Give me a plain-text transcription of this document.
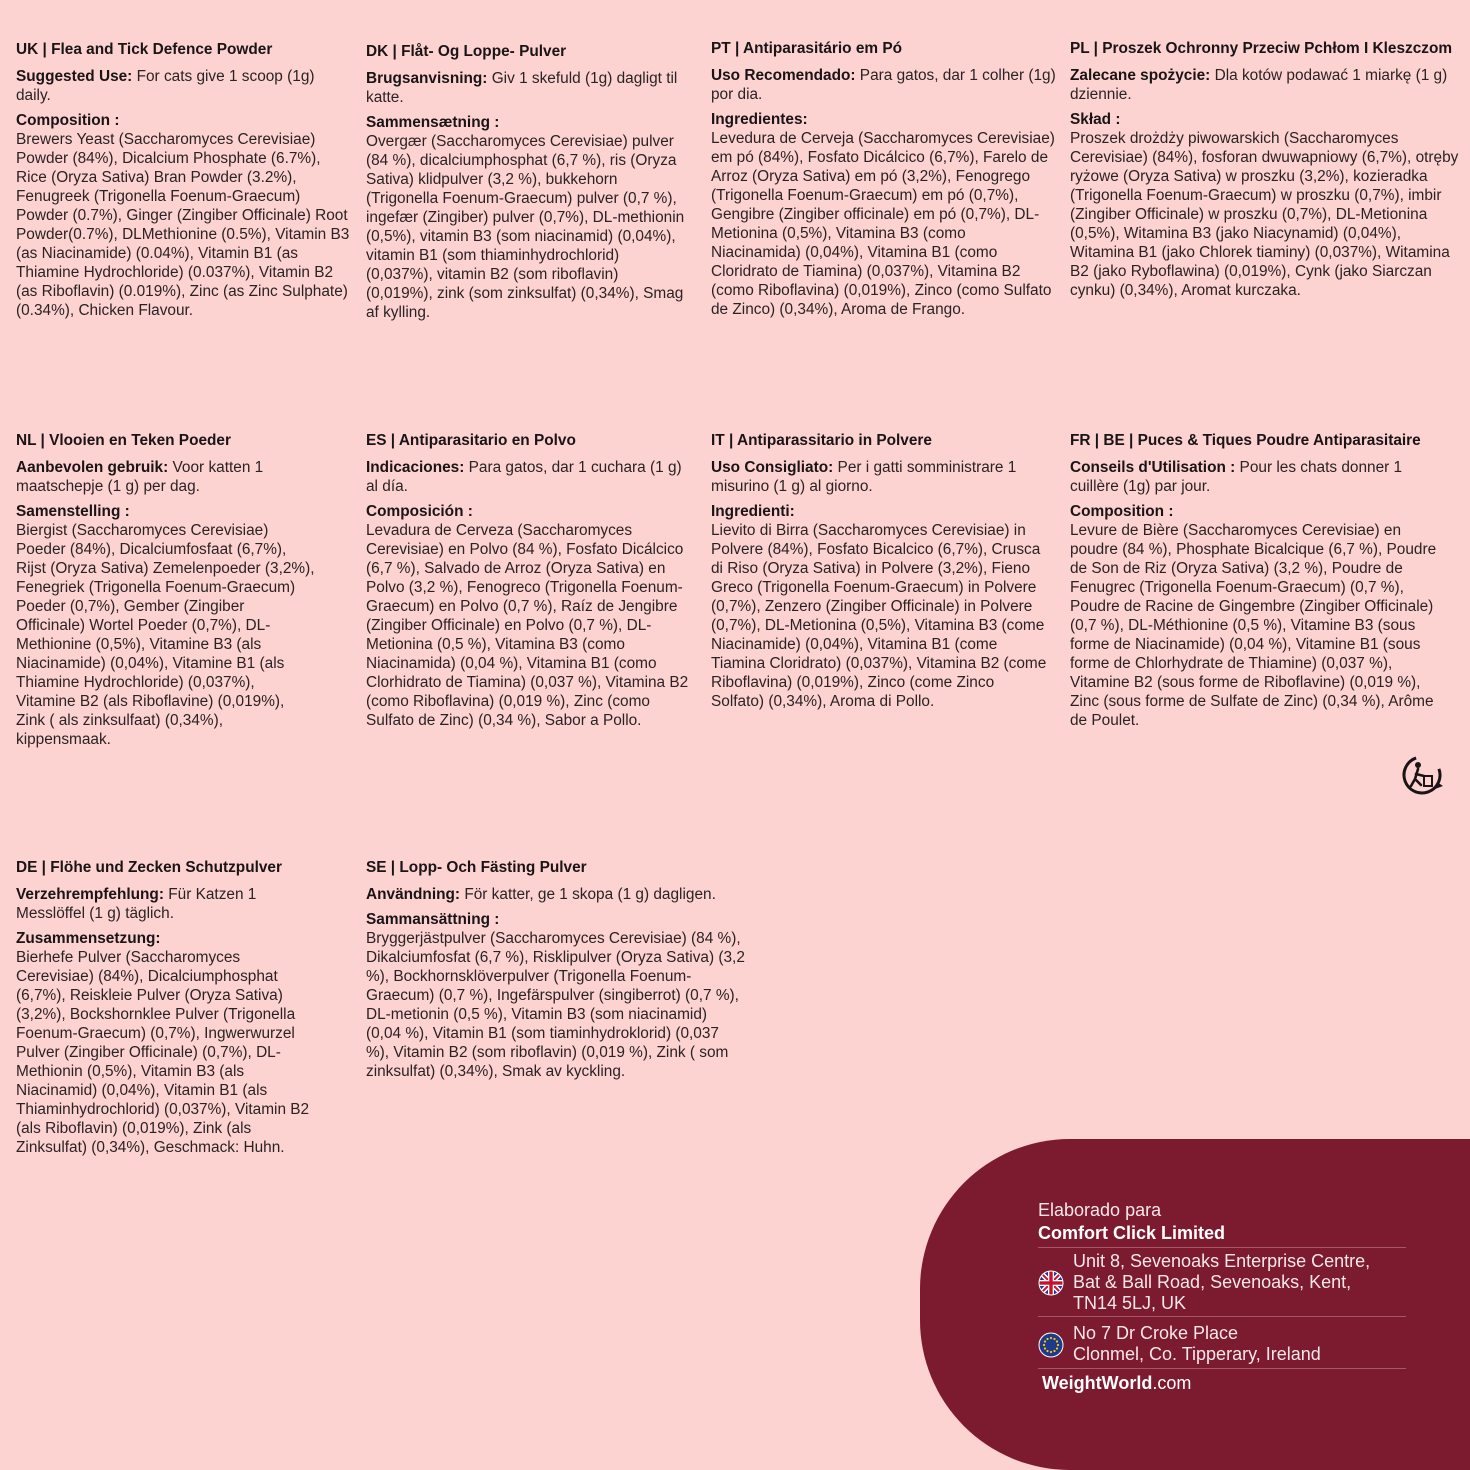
UK | Flea and Tick Defence Powder

Suggested Use: For cats give 1 scoop (1g) daily.

Composition :

Brewers Yeast (Saccharomyces Cerevisiae) Powder (84%), Dicalcium Phosphate (6.7%), Rice (Oryza Sativa) Bran Powder (3.2%), Fenugreek (Trigonella Foenum-Graecum) Powder (0.7%), Ginger (Zingiber Officinale) Root Powder(0.7%), DLMethionine (0.5%), Vitamin B3 (as Niacinamide) (0.04%), Vitamin B1 (as Thiamine Hydrochloride) (0.037%), Vitamin B2 (as Riboflavin) (0.019%), Zinc (as Zinc Sulphate) (0.34%), Chicken Flavour.

DK | Flåt- Og Loppe- Pulver

Brugsanvisning: Giv 1 skefuld (1g) dagligt til katte.

Sammensætning :

Overgær (Saccharomyces Cerevisiae) pulver (84 %), dicalciumphosphat (6,7 %), ris (Oryza Sativa) klidpulver (3,2 %), bukkehorn (Trigonella Foenum-Graecum) pulver (0,7 %), ingefær (Zingiber) pulver (0,7%), DL-methionin (0,5%), vitamin B3 (som niacinamid) (0,04%), vitamin B1 (som thiaminhydrochlorid) (0,037%), vitamin B2 (som riboflavin) (0,019%), zink (som zinksulfat) (0,34%), Smag af kylling.

PT | Antiparasitário em Pó

Uso Recomendado: Para gatos, dar 1 colher (1g) por dia.

Ingredientes:

Levedura de Cerveja (Saccharomyces Cerevisiae) em pó (84%), Fosfato Dicálcico (6,7%), Farelo de Arroz (Oryza Sativa) em pó (3,2%), Fenogrego (Trigonella Foenum-Graecum) em pó (0,7%), Gengibre (Zingiber officinale) em pó (0,7%), DL-Metionina (0,5%), Vitamina B3 (como Niacinamida) (0,04%), Vitamina B1 (como Cloridrato de Tiamina) (0,037%), Vitamina B2 (como Riboflavina) (0,019%), Zinco (como Sulfato de Zinco) (0,34%), Aroma de Frango.

PL | Proszek Ochronny Przeciw Pchłom I Kleszczom

Zalecane spożycie: Dla kotów podawać 1 miarkę (1 g) dziennie.

Skład :

Proszek drożdży piwowarskich (Saccharomyces Cerevisiae) (84%), fosforan dwuwapniowy (6,7%), otręby ryżowe (Oryza Sativa) w proszku (3,2%), kozieradka (Trigonella Foenum-Graecum) w proszku (0,7%), imbir (Zingiber Officinale) w proszku (0,7%), DL-Metionina (0,5%), Witamina B3 (jako Niacynamid) (0,04%), Witamina B1 (jako Chlorek tiaminy) (0,037%), Witamina B2 (jako Ryboflawina) (0,019%), Cynk (jako Siarczan cynku) (0,34%), Aromat kurczaka.

NL | Vlooien en Teken Poeder

Aanbevolen gebruik: Voor katten 1 maatschepje (1 g) per dag.

Samenstelling :

Biergist (Saccharomyces Cerevisiae) Poeder (84%), Dicalciumfosfaat (6,7%), Rijst (Oryza Sativa) Zemelenpoeder (3,2%), Fenegriek (Trigonella Foenum-Graecum) Poeder (0,7%), Gember (Zingiber Officinale) Wortel Poeder (0,7%), DL-Methionine (0,5%), Vitamine B3 (als Niacinamide) (0,04%), Vitamine B1 (als Thiamine Hydrochloride) (0,037%), Vitamine B2 (als Riboflavine) (0,019%), Zink ( als zinksulfaat) (0,34%), kippensmaak.

ES | Antiparasitario en Polvo

Indicaciones: Para gatos, dar 1 cuchara (1 g) al día.

Composición :

Levadura de Cerveza (Saccharomyces Cerevisiae) en Polvo (84 %), Fosfato Dicálcico (6,7 %), Salvado de Arroz (Oryza Sativa) en Polvo (3,2 %), Fenogreco (Trigonella Foenum-Graecum) en Polvo (0,7 %), Raíz de Jengibre (Zingiber Officinale) en Polvo (0,7 %), DL-Metionina (0,5 %), Vitamina B3 (como Niacinamida) (0,04 %), Vitamina B1 (como Clorhidrato de Tiamina) (0,037 %), Vitamina B2 (como Riboflavina) (0,019 %), Zinc (como Sulfato de Zinc) (0,34 %), Sabor a Pollo.

IT | Antiparassitario in Polvere

Uso Consigliato: Per i gatti somministrare 1 misurino (1 g) al giorno.

Ingredienti:

Lievito di Birra (Saccharomyces Cerevisiae) in Polvere (84%), Fosfato Bicalcico (6,7%), Crusca di Riso (Oryza Sativa) in Polvere (3,2%), Fieno Greco (Trigonella Foenum-Graecum) in Polvere (0,7%), Zenzero (Zingiber Officinale) in Polvere (0,7%), DL-Metionina (0,5%), Vitamina B3 (come Niacinamide) (0,04%), Vitamina B1 (come Tiamina Cloridrato) (0,037%), Vitamina B2 (come Riboflavina) (0,019%), Zinco (come Zinco Solfato) (0,34%), Aroma di Pollo.

FR | BE | Puces & Tiques Poudre Antiparasitaire

Conseils d'Utilisation : Pour les chats donner 1 cuillère (1g) par jour.

Composition :

Levure de Bière (Saccharomyces Cerevisiae) en poudre (84 %), Phosphate Bicalcique (6,7 %), Poudre de Son de Riz (Oryza Sativa) (3,2 %), Poudre de Fenugrec (Trigonella Foenum-Graecum) (0,7 %), Poudre de Racine de Gingembre (Zingiber Officinale) (0,7 %), DL-Méthionine (0,5 %), Vitamine B3 (sous forme de Niacinamide) (0,04 %), Vitamine B1 (sous forme de Chlorhydrate de Thiamine) (0,037 %), Vitamine B2 (sous forme de Riboflavine) (0,019 %), Zinc (sous forme de Sulfate de Zinc) (0,34 %), Arôme de Poulet.

DE | Flöhe und Zecken Schutzpulver

Verzehrempfehlung: Für Katzen 1 Messlöffel (1 g) täglich.

Zusammensetzung:

Bierhefe Pulver (Saccharomyces Cerevisiae) (84%), Dicalciumphosphat (6,7%), Reiskleie Pulver (Oryza Sativa) (3,2%), Bockshornklee Pulver (Trigonella Foenum-Graecum) (0,7%), Ingwerwurzel Pulver (Zingiber Officinale) (0,7%), DL-Methionin (0,5%), Vitamin B3 (als Niacinamid) (0,04%), Vitamin B1 (als Thiaminhydrochlorid) (0,037%), Vitamin B2 (als Riboflavin) (0,019%), Zink (als Zinksulfat) (0,34%), Geschmack: Huhn.

SE | Lopp- Och Fästing Pulver

Användning: För katter, ge 1 skopa (1 g) dagligen.

Sammansättning :

Bryggerjästpulver (Saccharomyces Cerevisiae) (84 %), Dikalciumfosfat (6,7 %), Risklipulver (Oryza Sativa) (3,2 %), Bockhornsklöverpulver (Trigonella Foenum-Graecum) (0,7 %), Ingefärspulver (singiberrot) (0,7 %), DL-metionin (0,5 %), Vitamin B3 (som niacinamid) (0,04 %), Vitamin B1 (som tiaminhydroklorid) (0,037 %), Vitamin B2 (som riboflavin) (0,019 %), Zink ( som zinksulfat) (0,34%), Smak av kyckling.

Elaborado para
Comfort Click Limited
Unit 8, Sevenoaks Enterprise Centre,
Bat & Ball Road, Sevenoaks, Kent,
TN14 5LJ, UK
No 7 Dr Croke Place
Clonmel, Co. Tipperary, Ireland
WeightWorld.com
